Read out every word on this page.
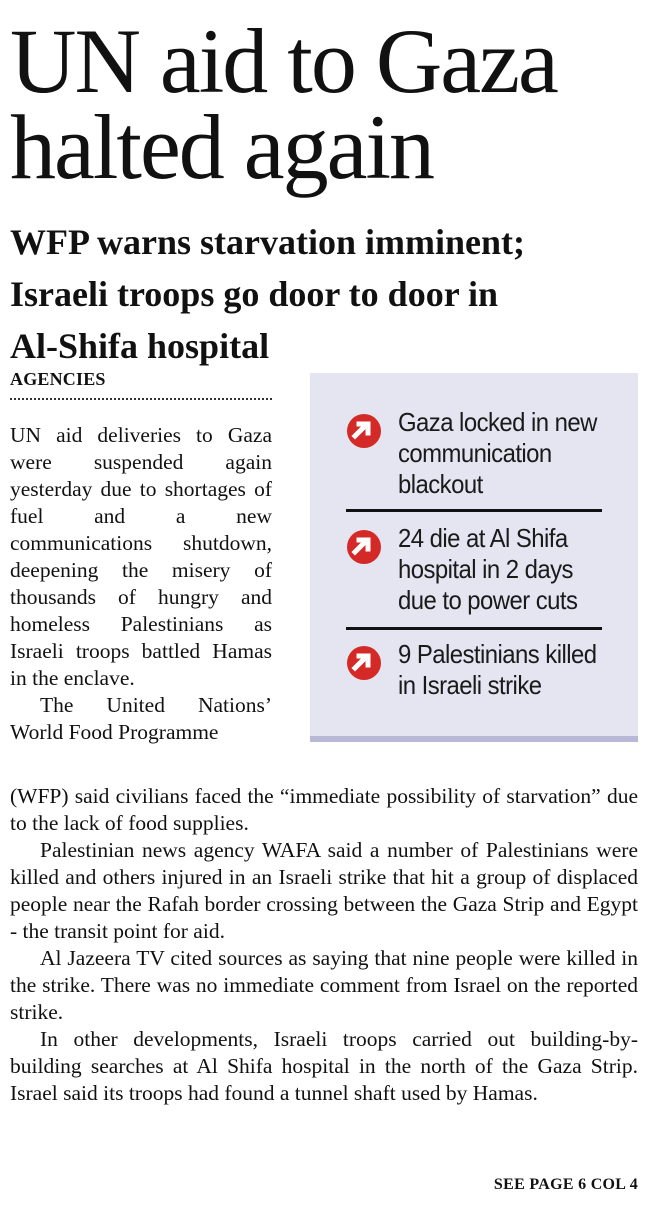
UN aid to Gaza
halted again
WFP warns starvation imminent;
Israeli troops go door to door in
Al-Shifa hospital
AGENCIES

UN aid deliveries to Gaza were suspended again yesterday due to shortages of fuel and a new communications shutdown, deepening the misery of thousands of hungry and homeless Palestinians as Israeli troops battled Hamas in the enclave.

The United Nations’ World Food Programme

Gaza locked in new
communication
blackout
24 die at Al Shifa
hospital in 2 days
due to power cuts
9 Palestinians killed
in Israeli strike

(WFP) said civilians faced the “immediate possibility of starvation” due to the lack of food supplies.

Palestinian news agency WAFA said a number of Palestinians were killed and others injured in an Israeli strike that hit a group of displaced people near the Rafah border crossing between the Gaza Strip and Egypt - the transit point for aid.

Al Jazeera TV cited sources as saying that nine people were killed in the strike. There was no immediate comment from Israel on the reported strike.

In other developments, Israeli troops carried out building-by-building searches at Al Shifa hospital in the north of the Gaza Strip. Israel said its troops had found a tunnel shaft used by Hamas.

SEE PAGE 6 COL 4
